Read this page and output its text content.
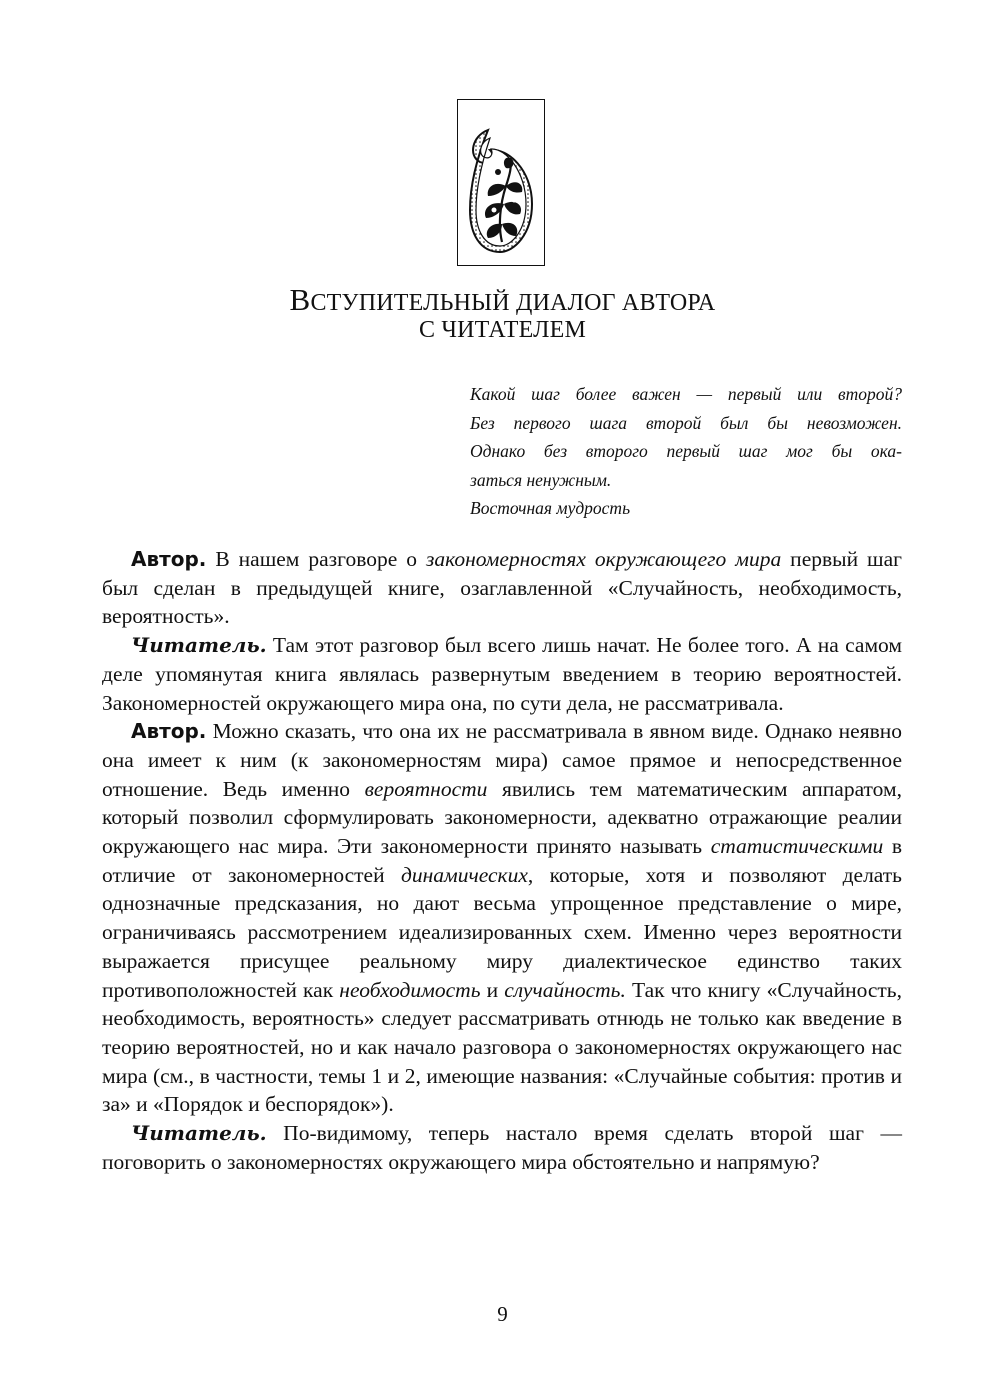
ВСТУПИТЕЛЬНЫЙ ДИАЛОГ АВТОРА
С ЧИТАТЕЛЕМ
Какой шаг более важен — первый или второй?
Без первого шага второй был бы невозможен.
Однако без второго первый шаг мог бы ока-
заться ненужным.

Восточная мудрость

Автор. В нашем разговоре о закономерностях окружающего мира первый шаг был сделан в предыдущей книге, озаглавленной «Случайность, необходимость, вероятность».

Читатель. Там этот разговор был всего лишь начат. Не более того. А на самом деле упомянутая книга являлась развернутым введением в теорию вероятностей. Закономерностей окружающего мира она, по сути дела, не рассматривала.

Автор. Можно сказать, что она их не рассматривала в явном виде. Однако неявно она имеет к ним (к закономерностям мира) самое прямое и непосредственное отношение. Ведь именно вероятности явились тем математическим аппаратом, который позволил сформулировать закономерности, адекватно отражающие реалии окружающего нас мира. Эти закономерности принято называть статистическими в отличие от закономерностей динамических, которые, хотя и позволяют делать однозначные предсказания, но дают весьма упрощенное представление о мире, ограничиваясь рассмотрением идеализированных схем. Именно через вероятности выражается присущее реальному миру диалектическое единство таких противоположностей как необходимость и случайность. Так что книгу «Случайность, необходимость, вероятность» следует рассматривать отнюдь не только как введение в теорию вероятностей, но и как начало разговора о закономерностях окружающего нас мира (см., в частности, темы 1 и 2, имеющие названия: «Случайные события: против и за» и «Порядок и беспорядок»).

Читатель. По-видимому, теперь настало время сделать второй шаг — поговорить о закономерностях окружающего мира обстоятельно и напрямую?

9
